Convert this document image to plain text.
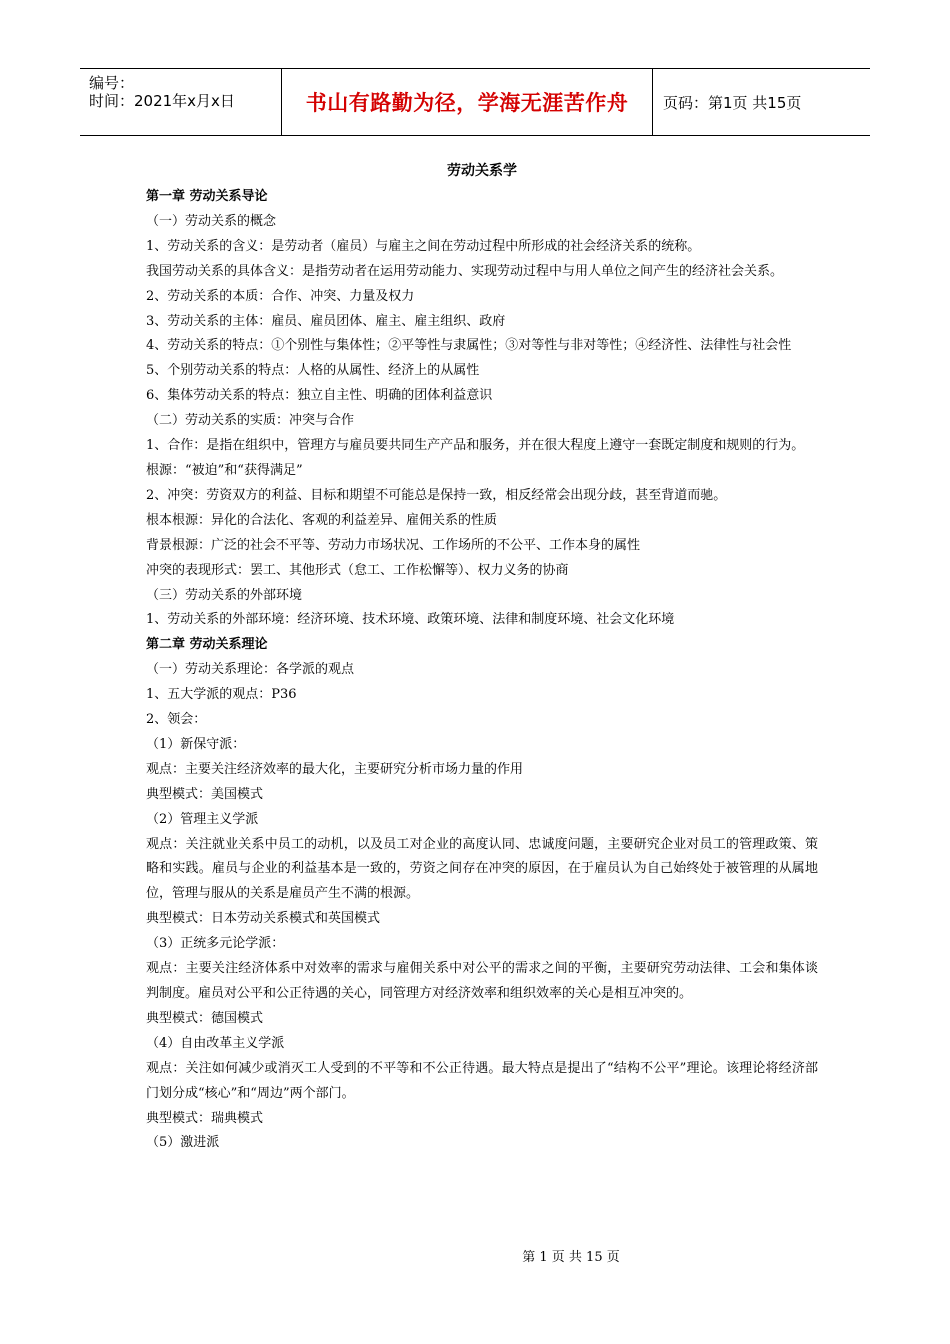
编号：
时间：2021年x月x日	书山有路勤为径，学海无涯苦作舟 页码：第1页 共15页
劳动关系学

第一章 劳动关系导论

（一）劳动关系的概念

1、劳动关系的含义：是劳动者（雇员）与雇主之间在劳动过程中所形成的社会经济关系的统称。

我国劳动关系的具体含义：是指劳动者在运用劳动能力、实现劳动过程中与用人单位之间产生的经济社会关系。

2、劳动关系的本质：合作、冲突、力量及权力

3、劳动关系的主体：雇员、雇员团体、雇主、雇主组织、政府

4、劳动关系的特点：①个别性与集体性；②平等性与隶属性；③对等性与非对等性；④经济性、法律性与社会性

5、个别劳动关系的特点：人格的从属性、经济上的从属性

6、集体劳动关系的特点：独立自主性、明确的团体利益意识

（二）劳动关系的实质：冲突与合作

1、合作：是指在组织中，管理方与雇员要共同生产产品和服务，并在很大程度上遵守一套既定制度和规则的行为。

根源：“被迫”和“获得满足”

2、冲突：劳资双方的利益、目标和期望不可能总是保持一致，相反经常会出现分歧，甚至背道而驰。

根本根源：异化的合法化、客观的利益差异、雇佣关系的性质

背景根源：广泛的社会不平等、劳动力市场状况、工作场所的不公平、工作本身的属性

冲突的表现形式：罢工、其他形式（怠工、工作松懈等）、权力义务的协商

（三）劳动关系的外部环境

1、劳动关系的外部环境：经济环境、技术环境、政策环境、法律和制度环境、社会文化环境

第二章 劳动关系理论

（一）劳动关系理论：各学派的观点

1、五大学派的观点：P36

2、领会：

（1）新保守派：

观点：主要关注经济效率的最大化，主要研究分析市场力量的作用

典型模式：美国模式

（2）管理主义学派

观点：关注就业关系中员工的动机，以及员工对企业的高度认同、忠诚度问题，主要研究企业对员工的管理政策、策略和实践。雇员与企业的利益基本是一致的，劳资之间存在冲突的原因，在于雇员认为自己始终处于被管理的从属地位，管理与服从的关系是雇员产生不满的根源。

典型模式：日本劳动关系模式和英国模式

（3）正统多元论学派：

观点：主要关注经济体系中对效率的需求与雇佣关系中对公平的需求之间的平衡，主要研究劳动法律、工会和集体谈判制度。雇员对公平和公正待遇的关心，同管理方对经济效率和组织效率的关心是相互冲突的。

典型模式：德国模式

（4）自由改革主义学派

观点：关注如何减少或消灭工人受到的不平等和不公正待遇。最大特点是提出了“结构不公平”理论。该理论将经济部门划分成“核心”和“周边”两个部门。

典型模式：瑞典模式

（5）激进派

第 1 页 共 15 页
